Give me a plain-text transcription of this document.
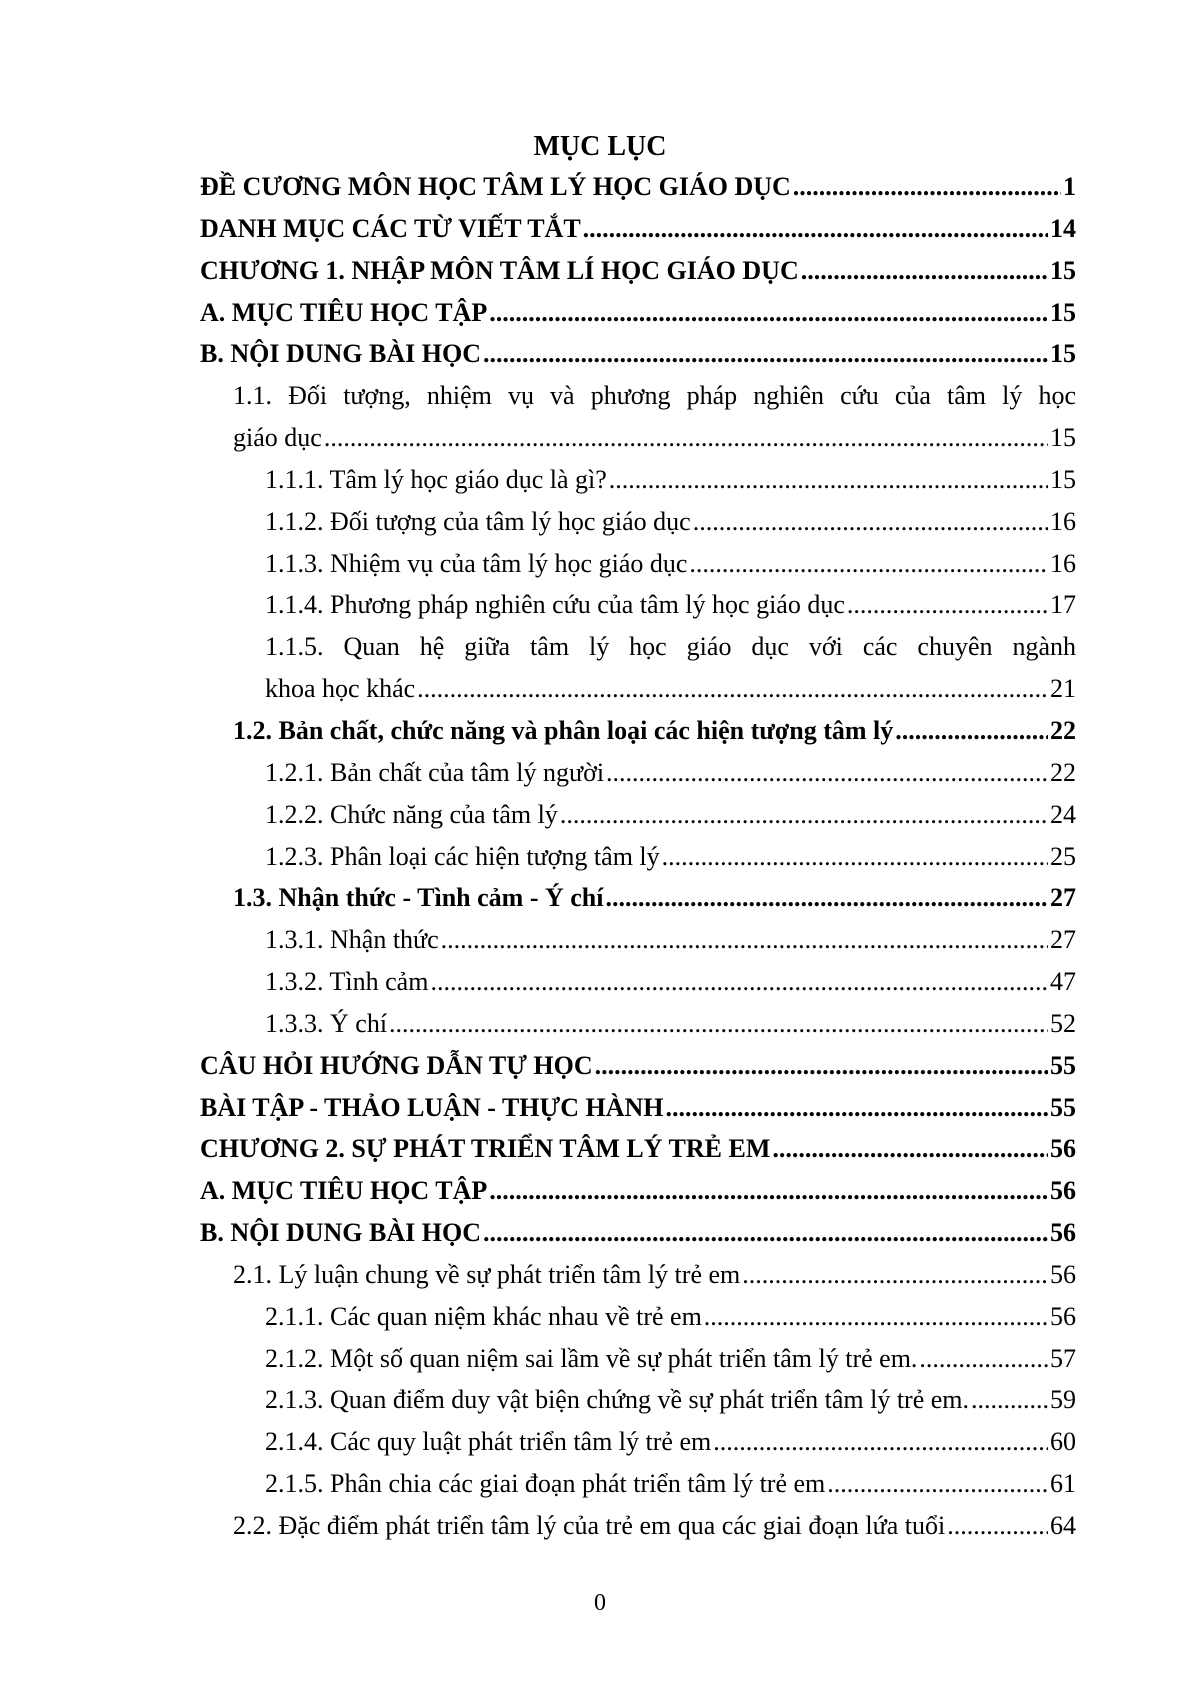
MỤC LỤC
ĐỀ CƯƠNG MÔN HỌC TÂM LÝ HỌC GIÁO DỤC .....	1
DANH MỤC CÁC TỪ VIẾT TẮT .....	14
CHƯƠNG 1. NHẬP MÔN TÂM LÍ HỌC GIÁO DỤC .....	15
A. MỤC TIÊU HỌC TẬP .....	15
B. NỘI DUNG BÀI HỌC .....	15
1.1. Đối tượng, nhiệm vụ và phương pháp nghiên cứu của tâm lý học
giáo dục .....	15
1.1.1. Tâm lý học giáo dục là gì? .....	15
1.1.2. Đối tượng của tâm lý học giáo dục .....	16
1.1.3. Nhiệm vụ của tâm lý học giáo dục .....	16
1.1.4. Phương pháp nghiên cứu của tâm lý học giáo dục .....	17
1.1.5. Quan hệ giữa tâm lý học giáo dục với các chuyên ngành
khoa học khác .....	21
1.2. Bản chất, chức năng và phân loại các hiện tượng tâm lý .....	22
1.2.1. Bản chất của tâm lý người .....	22
1.2.2. Chức năng của tâm lý .....	24
1.2.3. Phân loại các hiện tượng tâm lý .....	25
1.3. Nhận thức - Tình cảm - Ý chí .....	27
1.3.1. Nhận thức .....	27
1.3.2. Tình cảm .....	47
1.3.3. Ý chí .....	52
CÂU HỎI HƯỚNG DẪN TỰ HỌC .....	55
BÀI TẬP - THẢO LUẬN - THỰC HÀNH .....	55
CHƯƠNG 2. SỰ PHÁT TRIỂN TÂM LÝ TRẺ EM .....	56
A. MỤC TIÊU HỌC TẬP .....	56
B. NỘI DUNG BÀI HỌC .....	56
2.1. Lý luận chung về sự phát triển tâm lý trẻ em .....	56
2.1.1. Các quan niệm khác nhau về trẻ em .....	56
2.1.2. Một số quan niệm sai lầm về sự phát triển tâm lý trẻ em. .....	57
2.1.3. Quan điểm duy vật biện chứng về sự phát triển tâm lý trẻ em. .....	59
2.1.4. Các quy luật phát triển tâm lý trẻ em .....	60
2.1.5. Phân chia các giai đoạn phát triển tâm lý trẻ em .....	61
2.2. Đặc điểm phát triển tâm lý của trẻ em qua các giai đoạn lứa tuổi .....	64
0
